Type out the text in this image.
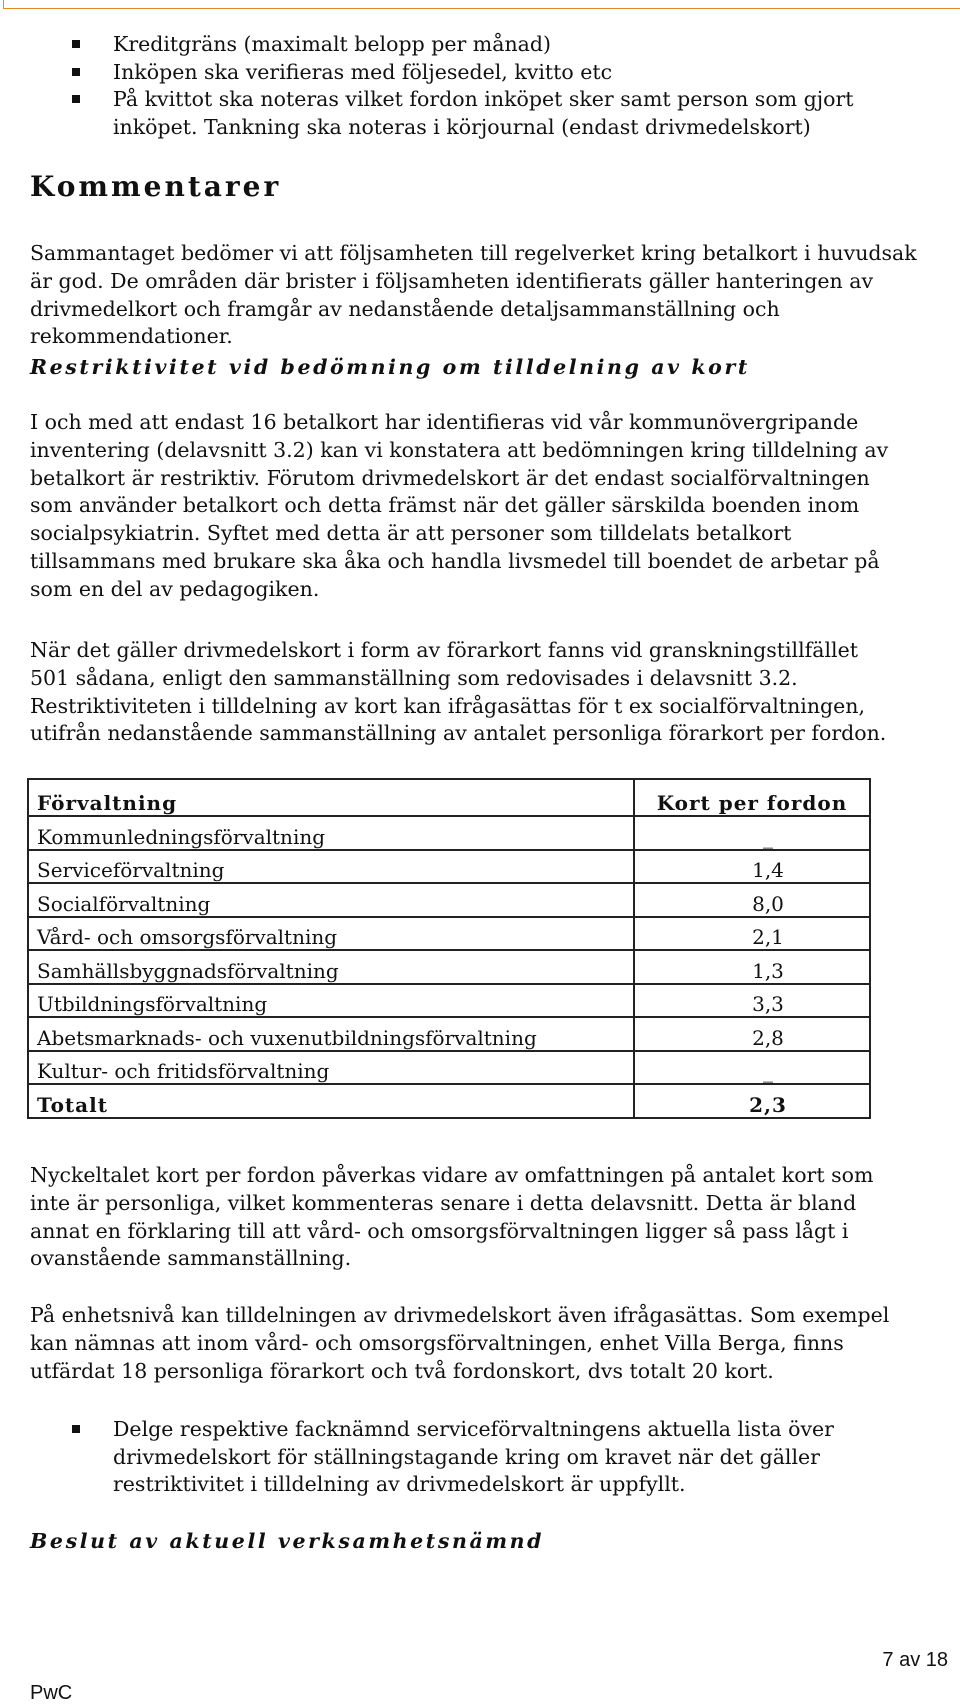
Kreditgräns (maximalt belopp per månad)
Inköpen ska verifieras med följesedel, kvitto etc
På kvittot ska noteras vilket fordon inköpet sker samt person som gjort
inköpet. Tankning ska noteras i körjournal (endast drivmedelskort)
Kommentarer

Sammantaget bedömer vi att följsamheten till regelverket kring betalkort i huvudsak
är god. De områden där brister i följsamheten identifierats gäller hanteringen av
drivmedelkort och framgår av nedanstående detaljsammanställning och
rekommendationer.

Restriktivitet vid bedömning om tilldelning av kort

I och med att endast 16 betalkort har identifieras vid vår kommunövergripande
inventering (delavsnitt 3.2) kan vi konstatera att bedömningen kring tilldelning av
betalkort är restriktiv. Förutom drivmedelskort är det endast socialförvaltningen
som använder betalkort och detta främst när det gäller särskilda boenden inom
socialpsykiatrin. Syftet med detta är att personer som tilldelats betalkort
tillsammans med brukare ska åka och handla livsmedel till boendet de arbetar på
som en del av pedagogiken.

När det gäller drivmedelskort i form av förarkort fanns vid granskningstillfället
501 sådana, enligt den sammanställning som redovisades i delavsnitt 3.2.
Restriktiviteten i tilldelning av kort kan ifrågasättas för t ex socialförvaltningen,
utifrån nedanstående sammanställning av antalet personliga förarkort per fordon.

Förvaltning	Kort per fordon
Kommunledningsförvaltning	_
Serviceförvaltning	1,4
Socialförvaltning	8,0
Vård- och omsorgsförvaltning	2,1
Samhällsbyggnadsförvaltning	1,3
Utbildningsförvaltning	3,3
Abetsmarknads- och vuxenutbildningsförvaltning	2,8
Kultur- och fritidsförvaltning	_
Totalt	2,3

Nyckeltalet kort per fordon påverkas vidare av omfattningen på antalet kort som
inte är personliga, vilket kommenteras senare i detta delavsnitt. Detta är bland
annat en förklaring till att vård- och omsorgsförvaltningen ligger så pass lågt i
ovanstående sammanställning.

På enhetsnivå kan tilldelningen av drivmedelskort även ifrågasättas. Som exempel
kan nämnas att inom vård- och omsorgsförvaltningen, enhet Villa Berga, finns
utfärdat 18 personliga förarkort och två fordonskort, dvs totalt 20 kort.

Delge respektive facknämnd serviceförvaltningens aktuella lista över
drivmedelskort för ställningstagande kring om kravet när det gäller
restriktivitet i tilldelning av drivmedelskort är uppfyllt.
Beslut av aktuell verksamhetsnämnd
7 av 18
PwC
